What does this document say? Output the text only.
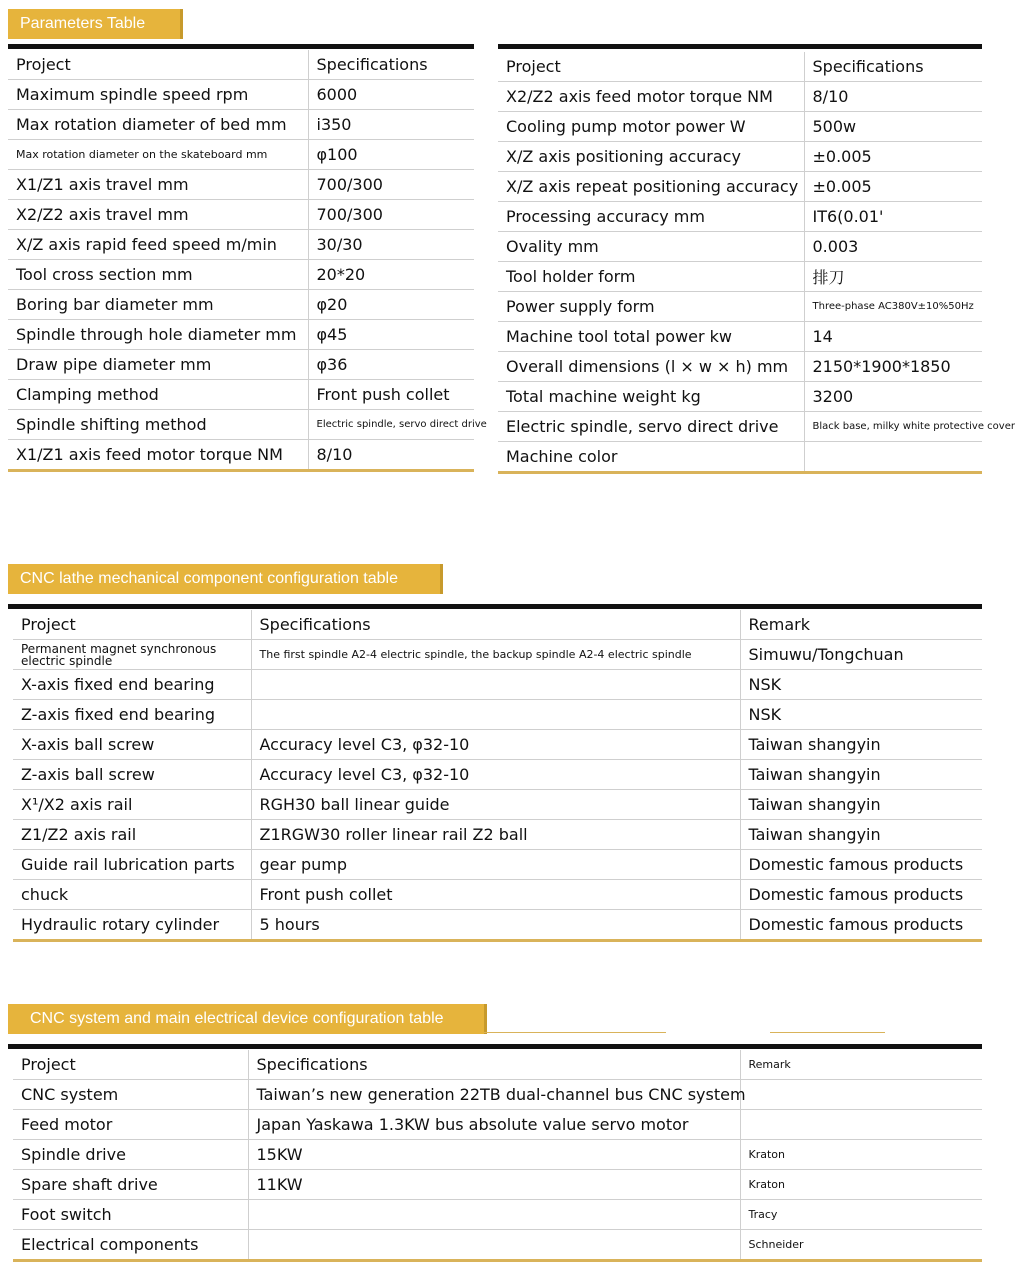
Parameters Table
Project	Specifications
Maximum spindle speed rpm	6000
Max rotation diameter of bed mm	i350
Max rotation diameter on the skateboard mm	φ100
X1/Z1 axis travel mm	700/300
X2/Z2 axis travel mm	700/300
X/Z axis rapid feed speed m/min	30/30
Tool cross section mm	20*20
Boring bar diameter mm	φ20
Spindle through hole diameter mm	φ45
Draw pipe diameter mm	φ36
Clamping method	Front push collet
Spindle shifting method	Electric spindle, servo direct drive
X1/Z1 axis feed motor torque NM	8/10
Project	Specifications
X2/Z2 axis feed motor torque NM	8/10
Cooling pump motor power W	500w
X/Z axis positioning accuracy	±0.005
X/Z axis repeat positioning accuracy	±0.005
Processing accuracy mm	IT6(0.01'
Ovality mm	0.003
Tool holder form	排刀
Power supply form	Three-phase AC380V±10%50Hz
Machine tool total power kw	14
Overall dimensions (l × w × h) mm	2150*1900*1850
Total machine weight kg	3200
Electric spindle, servo direct drive	Black base, milky white protective cover
Machine color	
CNC lathe mechanical component configuration table
Project	Specifications	Remark
Permanent magnet synchronous electric spindle	The first spindle A2-4 electric spindle, the backup spindle A2-4 electric spindle	Simuwu/Tongchuan
X-axis fixed end bearing		NSK
Z-axis fixed end bearing		NSK
X-axis ball screw	Accuracy level C3, φ32-10	Taiwan shangyin
Z-axis ball screw	Accuracy level C3, φ32-10	Taiwan shangyin
X¹/X2 axis rail	RGH30 ball linear guide	Taiwan shangyin
Z1/Z2 axis rail	Z1RGW30 roller linear rail Z2 ball	Taiwan shangyin
Guide rail lubrication parts	gear pump	Domestic famous products
chuck	Front push collet	Domestic famous products
Hydraulic rotary cylinder	5 hours	Domestic famous products
CNC system and main electrical device configuration table
Project	Specifications	Remark
CNC system	Taiwan’s new generation 22TB dual-channel bus CNC system	
Feed motor	Japan Yaskawa 1.3KW bus absolute value servo motor	
Spindle drive	15KW	Kraton
Spare shaft drive	11KW	Kraton
Foot switch		Tracy
Electrical components		Schneider
